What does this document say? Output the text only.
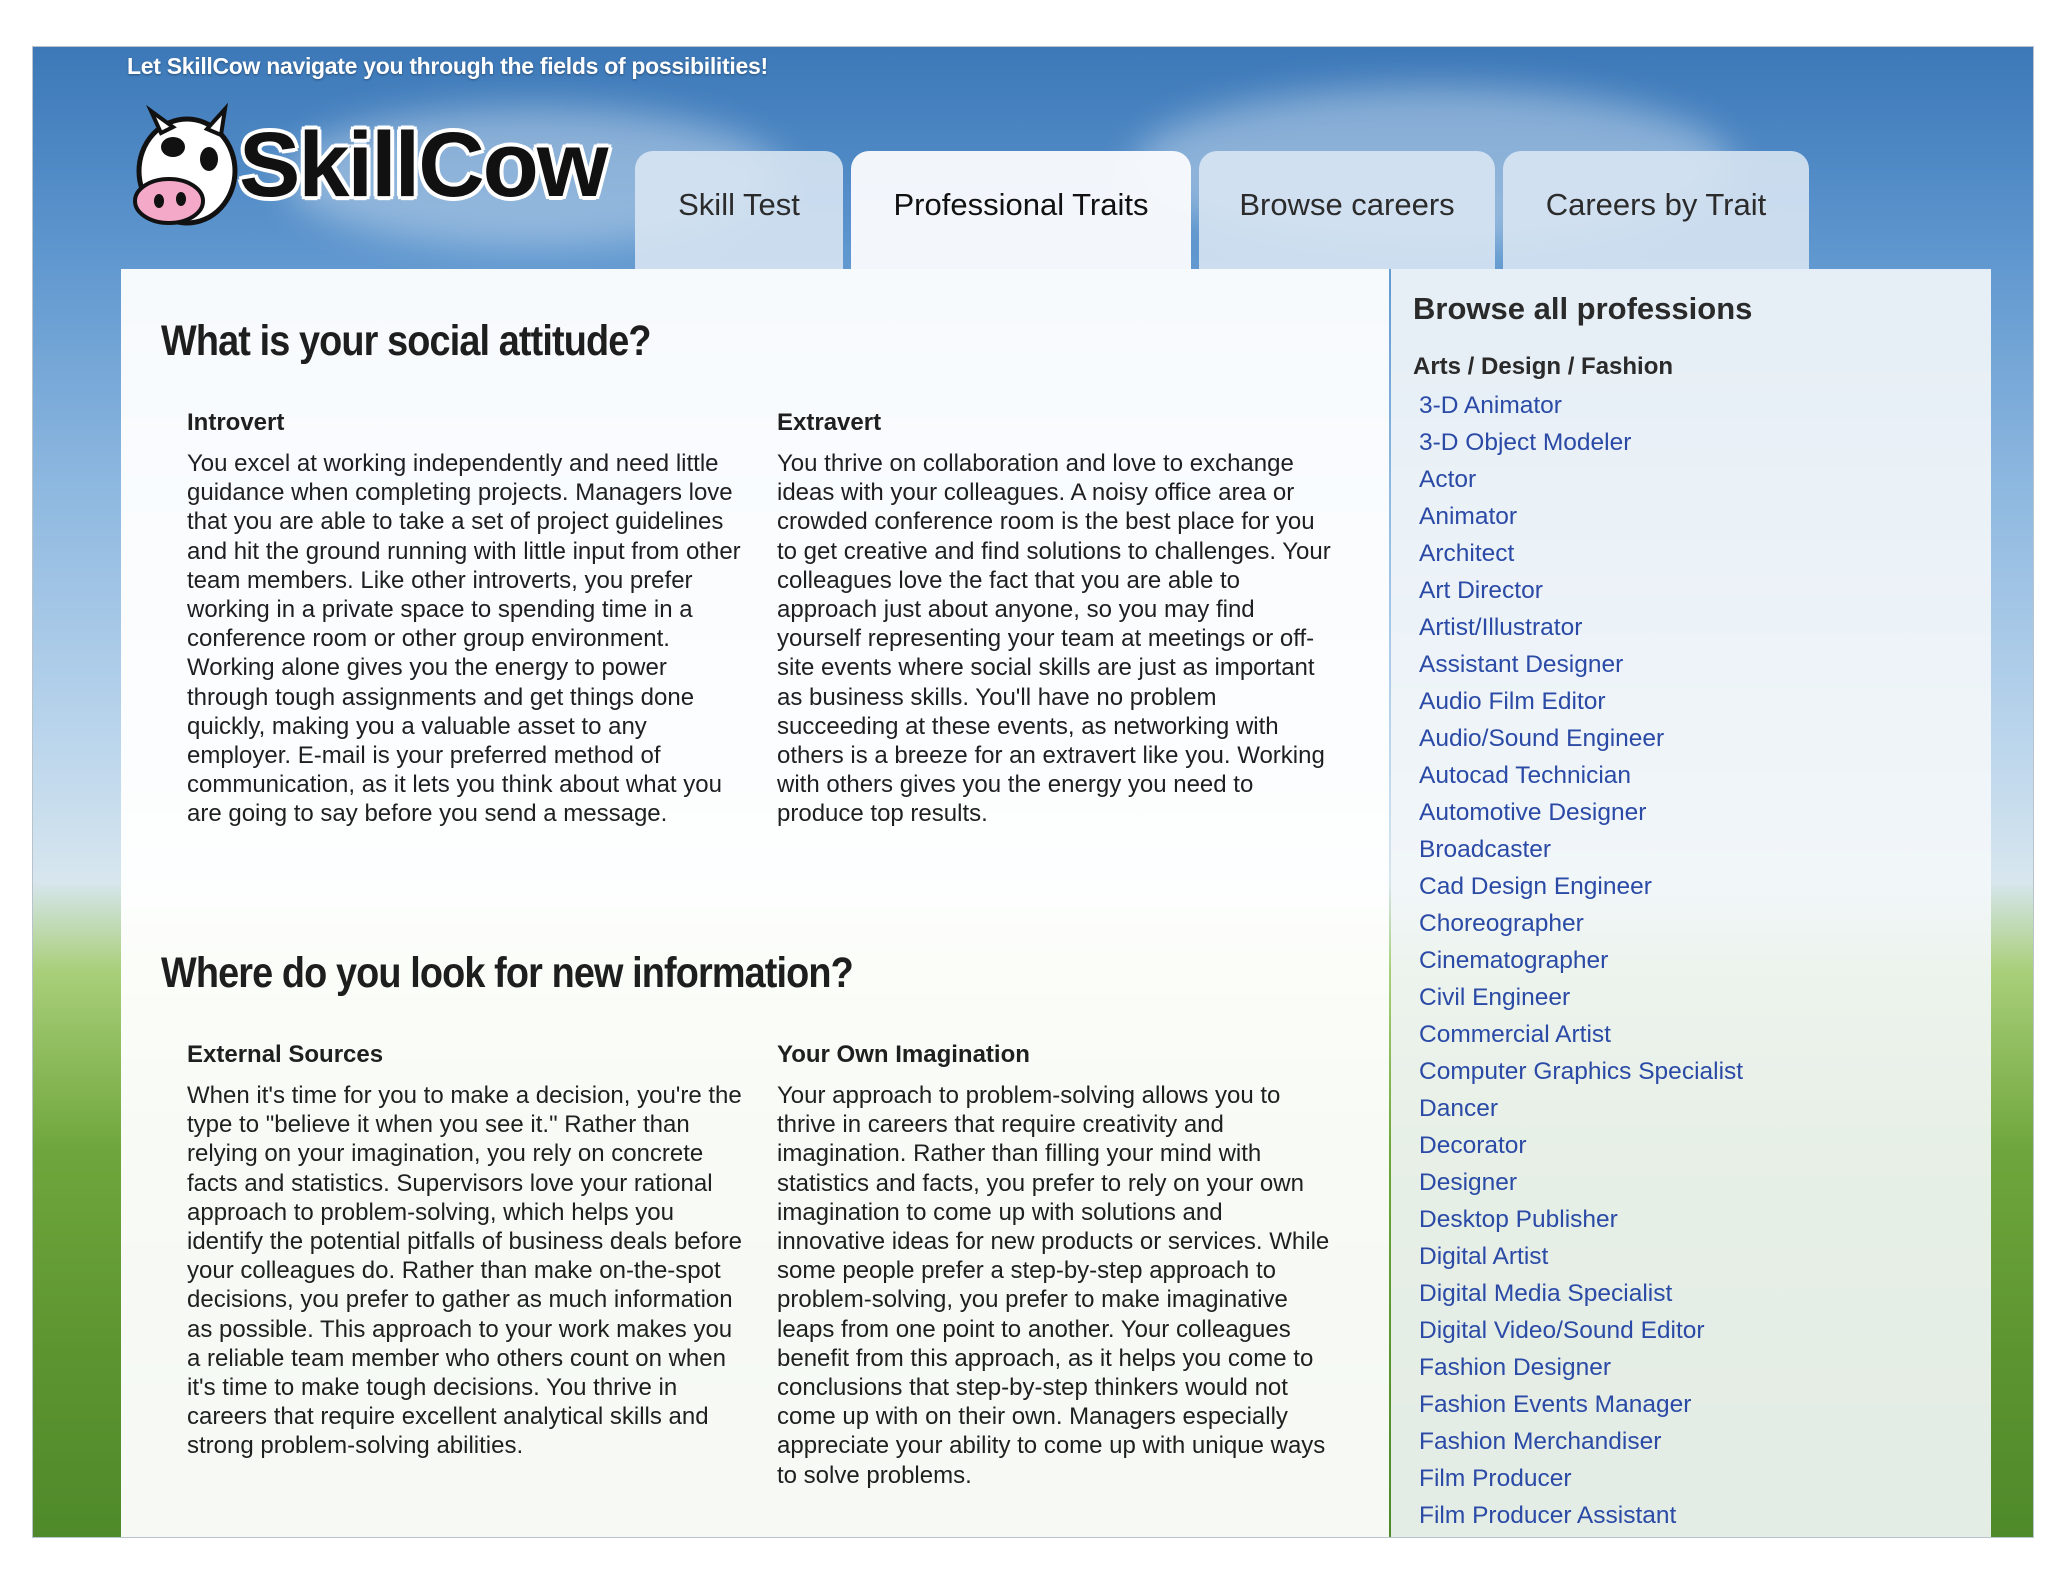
Let SkillCow navigate you through the fields of possibilities!
SkillCow	Skill Test	Professional Traits	Browse careers	Careers by Trait
What is your social attitude?
Introvert

You excel at working independently and need little guidance when completing projects. Managers love that you are able to take a set of project guidelines and hit the ground running with little input from other team members. Like other introverts, you prefer working in a private space to spending time in a conference room or other group environment. Working alone gives you the energy to power through tough assignments and get things done quickly, making you a valuable asset to any employer. E-mail is your preferred method of communication, as it lets you think about what you are going to say before you send a message.

Extravert

You thrive on collaboration and love to exchange ideas with your colleagues. A noisy office area or crowded conference room is the best place for you to get creative and find solutions to challenges. Your colleagues love the fact that you are able to approach just about anyone, so you may find yourself representing your team at meetings or off-site events where social skills are just as important as business skills. You'll have no problem succeeding at these events, as networking with others is a breeze for an extravert like you. Working with others gives you the energy you need to produce top results.

Where do you look for new information?
External Sources

When it's time for you to make a decision, you're the type to "believe it when you see it." Rather than relying on your imagination, you rely on concrete facts and statistics. Supervisors love your rational approach to problem-solving, which helps you identify the potential pitfalls of business deals before your colleagues do. Rather than make on-the-spot decisions, you prefer to gather as much information as possible. This approach to your work makes you a reliable team member who others count on when it's time to make tough decisions. You thrive in careers that require excellent analytical skills and strong problem-solving abilities.

Your Own Imagination

Your approach to problem-solving allows you to thrive in careers that require creativity and imagination. Rather than filling your mind with statistics and facts, you prefer to rely on your own imagination to come up with solutions and innovative ideas for new products or services. While some people prefer a step-by-step approach to problem-solving, you prefer to make imaginative leaps from one point to another. Your colleagues benefit from this approach, as it helps you come to conclusions that step-by-step thinkers would not come up with on their own. Managers especially appreciate your ability to come up with unique ways to solve problems.

Browse all professions
Arts / Design / Fashion
3-D Animator
3-D Object Modeler
Actor
Animator
Architect
Art Director
Artist/Illustrator
Assistant Designer
Audio Film Editor
Audio/Sound Engineer
Autocad Technician
Automotive Designer
Broadcaster
Cad Design Engineer
Choreographer
Cinematographer
Civil Engineer
Commercial Artist
Computer Graphics Specialist
Dancer
Decorator
Designer
Desktop Publisher
Digital Artist
Digital Media Specialist
Digital Video/Sound Editor
Fashion Designer
Fashion Events Manager
Fashion Merchandiser
Film Producer
Film Producer Assistant
